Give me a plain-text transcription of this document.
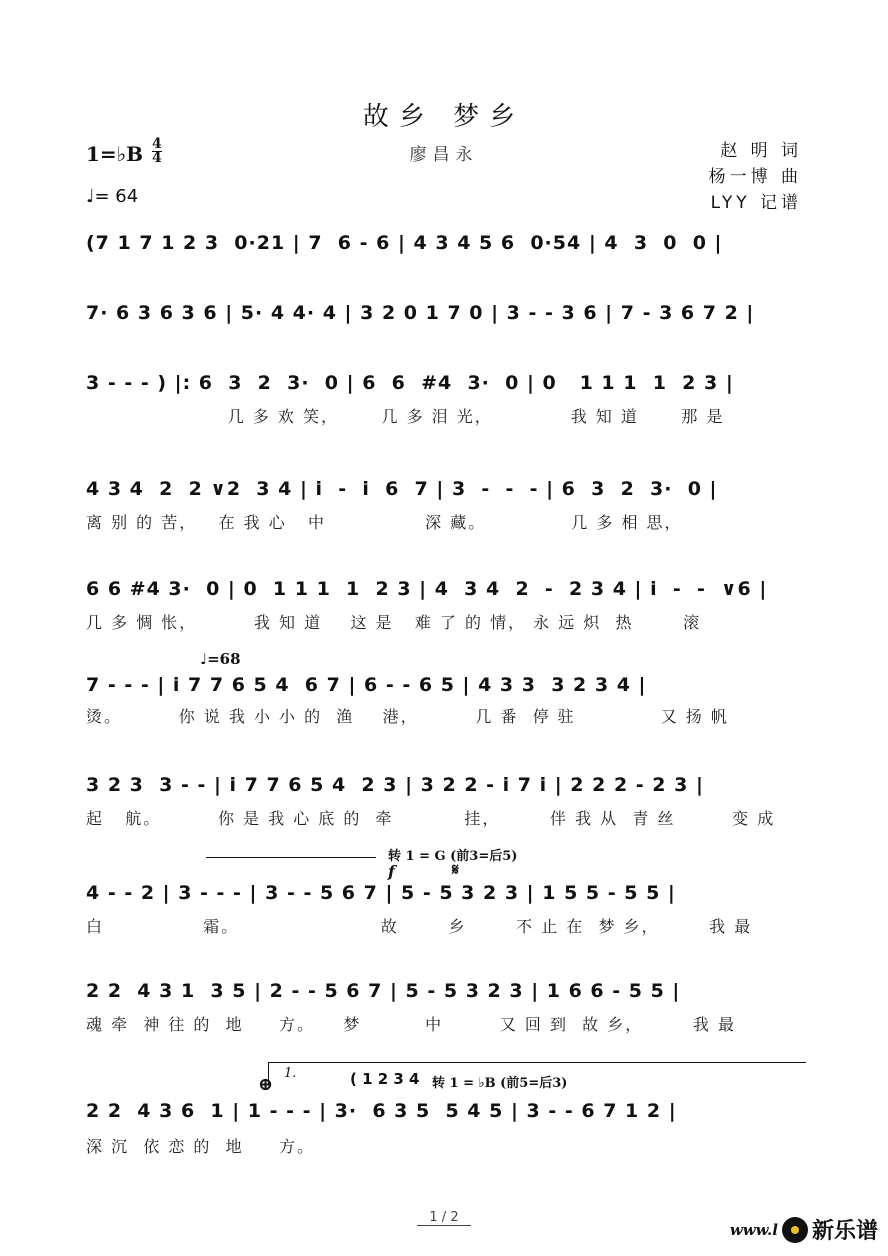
故乡 梦乡
廖昌永
1=♭B 4
4
♩= 64
赵 明 词
杨一博 曲
LYY 记谱
(7 1 7 1 2 3  0·21 | 7  6 - 6 | 4 3 4 5 6  0·54 | 4  3  0  0 |
7· 6 3 6 3 6 | 5· 4 4· 4 | 3 2 0 1 7 0 | 3 - - 3 6 | 7 - 3 6 7 2 |
3 - - - ) |: 6  3  2  3·  0 | 6  6  #4  3·  0 | 0   1 1 1  1  2 3 |
几 多 欢 笑，      几 多 泪 光，           我 知 道      那 是
4 3 4  2  2 ∨2  3 4 | i  -  i  6  7 | 3  -  -  - | 6  3  2  3·  0 |
离 别 的 苦，   在 我 心   中              深 藏。            几 多 相 思，
6 6 #4 3·  0 | 0  1 1 1  1  2 3 | 4  3 4  2  -  2 3 4 | i  -  -  ∨6 |
几 多 惆 怅，        我 知 道    这 是   难 了 的 情， 永 远 炽  热       滚
♩=68
7 - - - | i 7 7 6 5 4  6 7 | 6 - - 6 5 | 4 3 3  3 2 3 4 |
烫。        你 说 我 小 小 的  渔    港，        几 番  停 驻            又 扬 帆
3 2 3  3 - - | i 7 7 6 5 4  2 3 | 3 2 2 - i 7 i | 2 2 2 - 2 3 |
起   航。        你 是 我 心 底 的  牵          挂，       伴 我 从  青 丝        变 成
转 1 = G (前3=后5)
f	𝄋
4 - - 2 | 3 - - - | 3 - - 5 6 7 | 5 - 5 3 2 3 | 1 5 5 - 5 5 |
白              霜。                    故       乡       不 止 在  梦 乡，       我 最
2 2  4 3 1  3 5 | 2 - - 5 6 7 | 5 - 5 3 2 3 | 1 6 6 - 5 5 |
魂 牵  神 往 的  地     方。    梦         中        又 回 到  故 乡，       我 最
1.
⊕	( 1 2 3 4 转 1 = ♭B (前5=后3)
2 2  4 3 6  1 | 1 - - - | 3·  6 3 5  5 4 5 | 3 - - 6 7 1 2 |
深 沉  依 恋 的  地     方。
1 / 2
www.l 新乐谱
